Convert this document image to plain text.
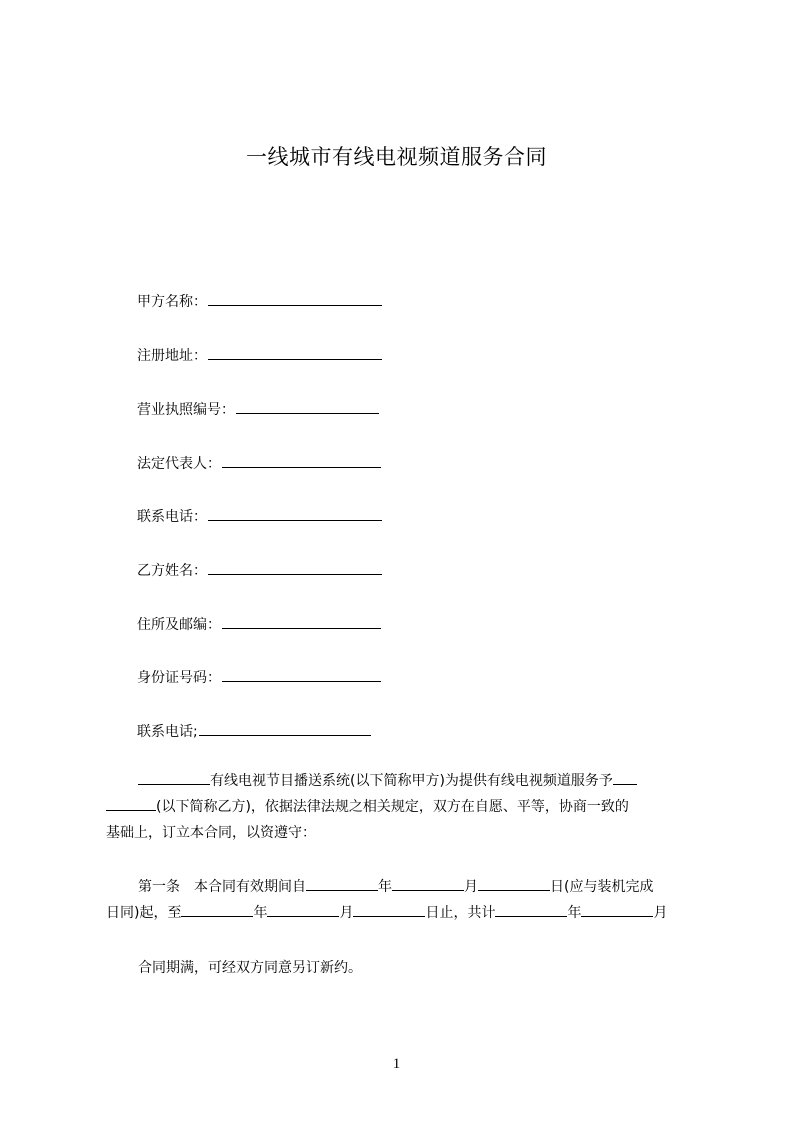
一线城市有线电视频道服务合同
甲方名称：
注册地址：
营业执照编号：
法定代表人：
联系电话：
乙方姓名：
住所及邮编：
身份证号码：
联系电话;
有线电视节目播送系统(以下简称甲方)为提供有线电视频道服务予
(以下简称乙方)，依据法律法规之相关规定，双方在自愿、平等，协商一致的
基础上，订立本合同，以资遵守：
第一条 本合同有效期间自	年	月	日(应与装机完成
日同)起，至	年	月	日止，共计	年	月
合同期满，可经双方同意另订新约。
1
